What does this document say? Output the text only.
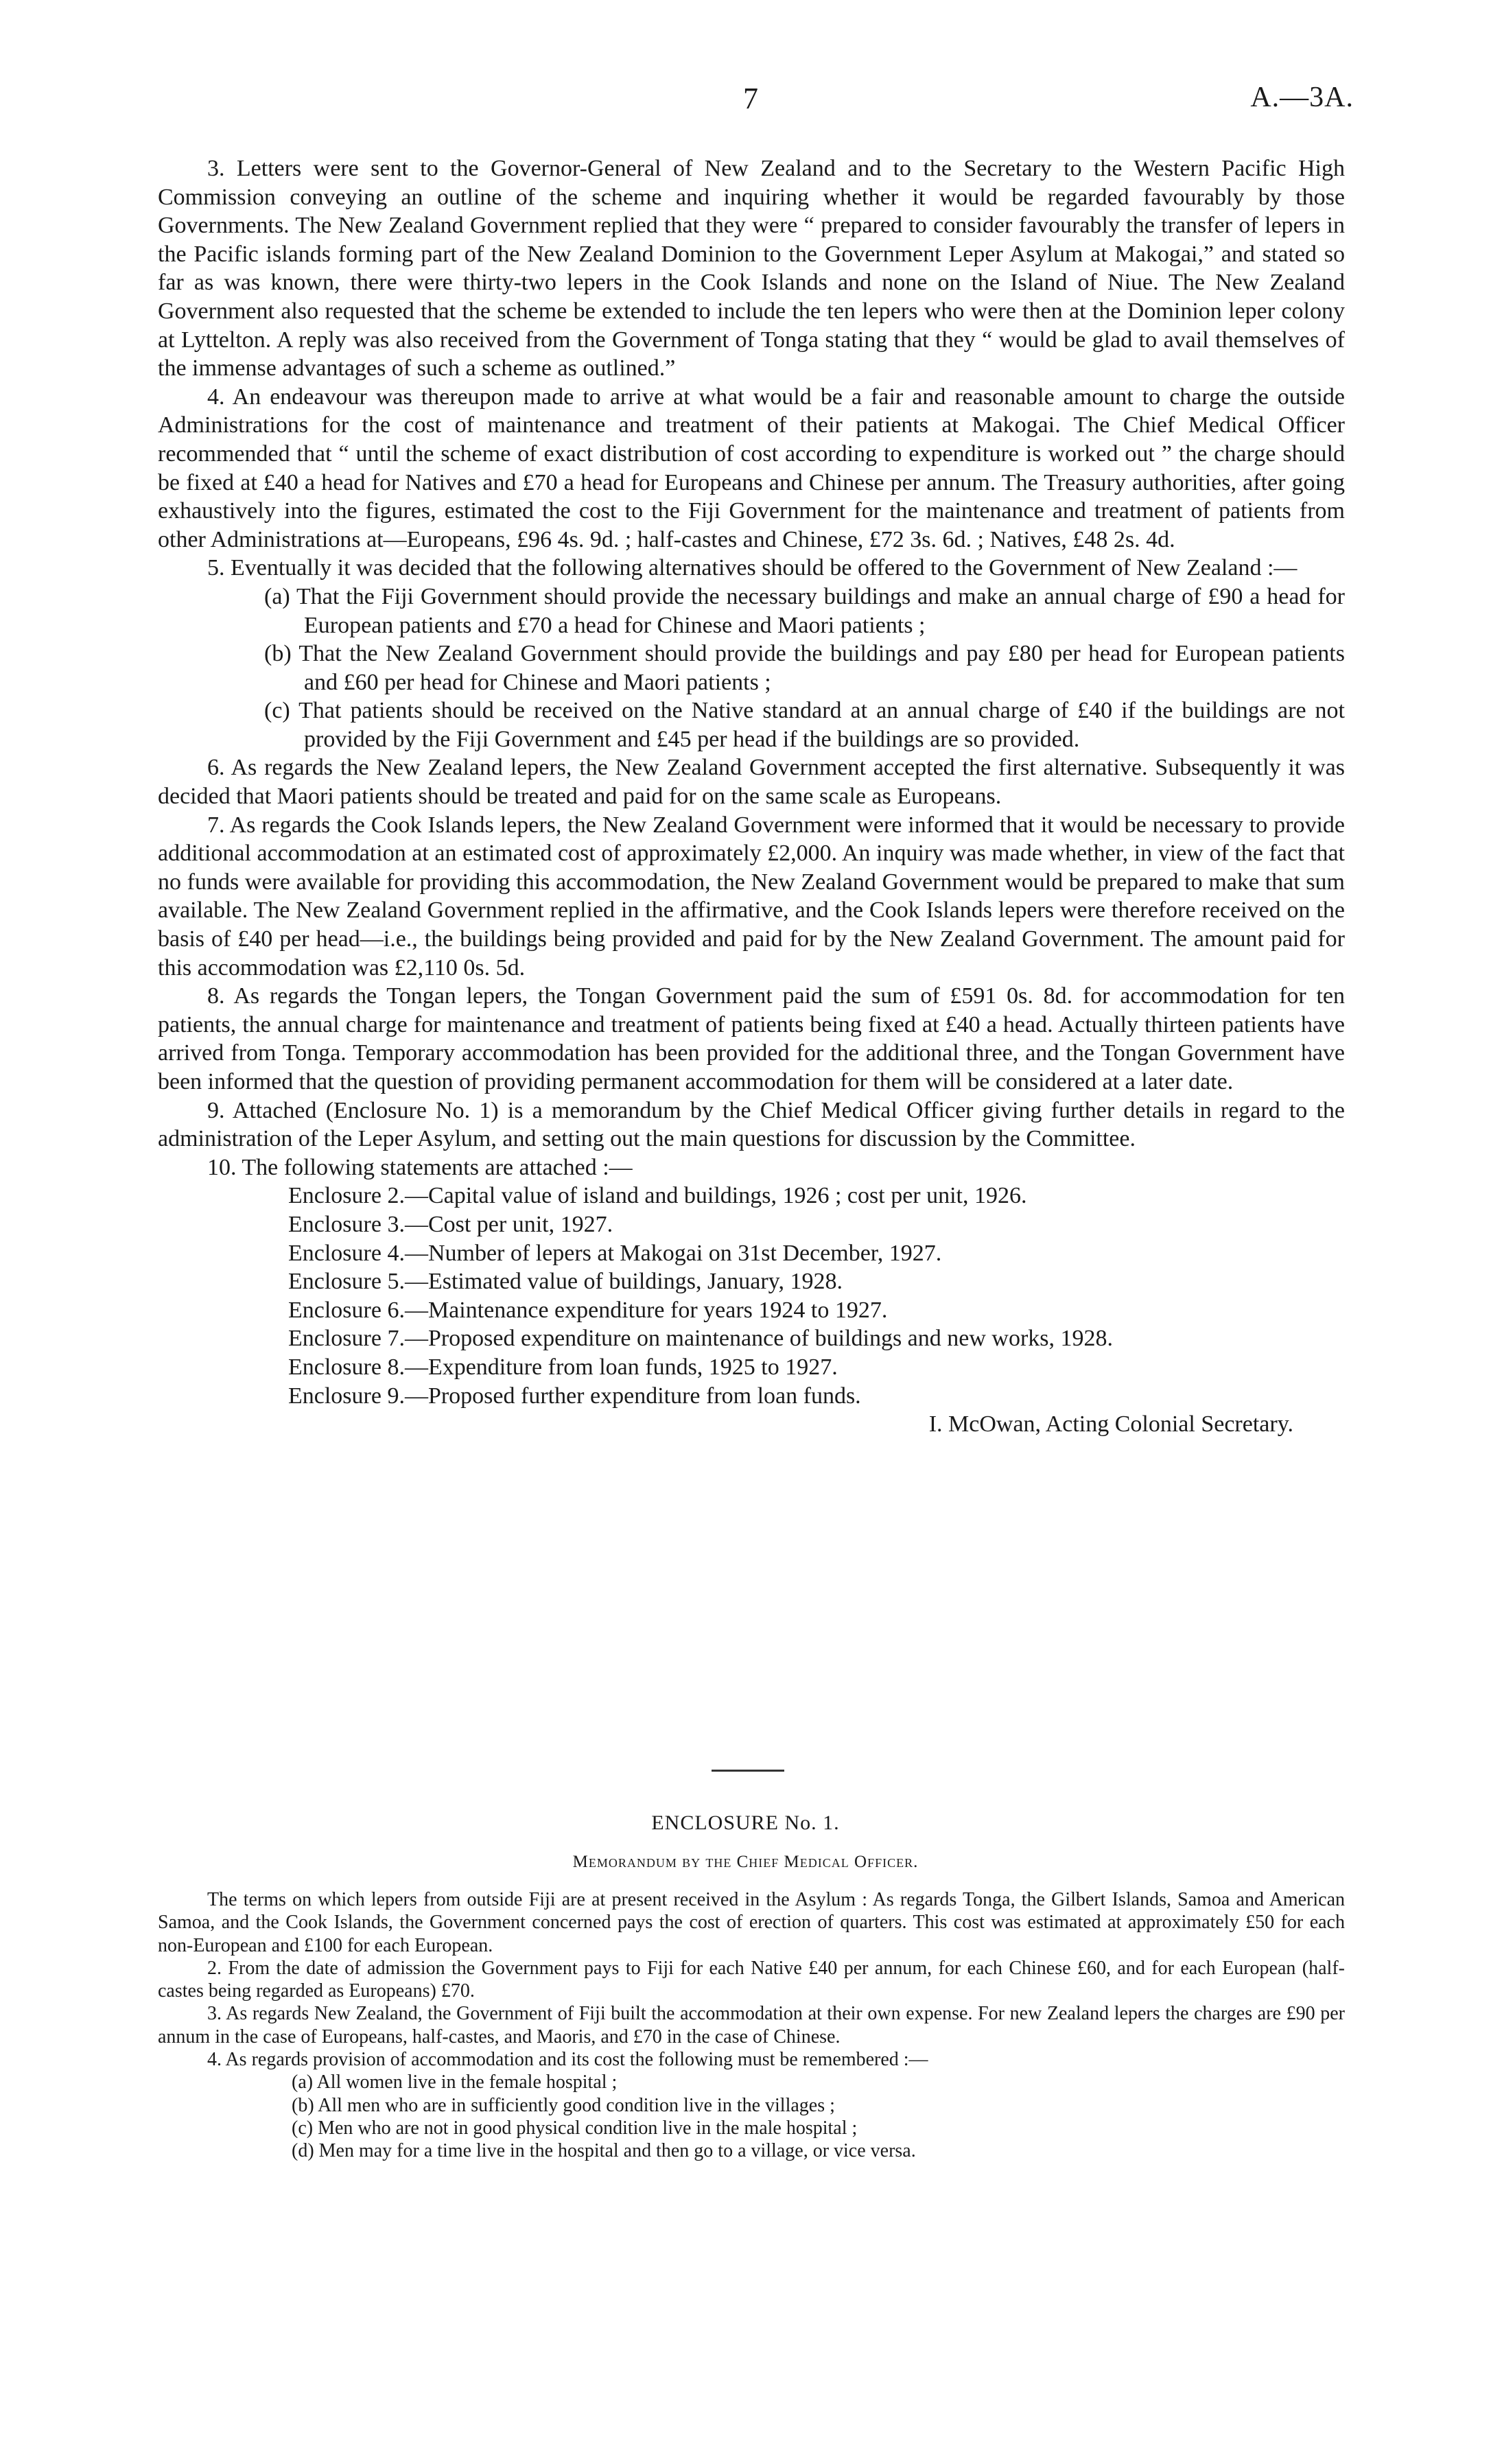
7	A.—3A.

3. Letters were sent to the Governor-General of New Zealand and to the Secretary to the Western Pacific High Commission conveying an outline of the scheme and inquiring whether it would be regarded favourably by those Governments. The New Zealand Government replied that they were “ prepared to consider favourably the transfer of lepers in the Pacific islands forming part of the New Zealand Dominion to the Government Leper Asylum at Makogai,” and stated so far as was known, there were thirty-two lepers in the Cook Islands and none on the Island of Niue. The New Zealand Government also requested that the scheme be extended to include the ten lepers who were then at the Dominion leper colony at Lyttelton. A reply was also received from the Government of Tonga stating that they “ would be glad to avail themselves of the immense advantages of such a scheme as outlined.”

4. An endeavour was thereupon made to arrive at what would be a fair and reasonable amount to charge the outside Administrations for the cost of maintenance and treatment of their patients at Makogai. The Chief Medical Officer recommended that “ until the scheme of exact distribution of cost according to expenditure is worked out ” the charge should be fixed at £40 a head for Natives and £70 a head for Europeans and Chinese per annum. The Treasury authorities, after going exhaustively into the figures, estimated the cost to the Fiji Government for the maintenance and treatment of patients from other Administrations at—Europeans, £96 4s. 9d. ; half-castes and Chinese, £72 3s. 6d. ; Natives, £48 2s. 4d.

5. Eventually it was decided that the following alternatives should be offered to the Government of New Zealand :—

(a) That the Fiji Government should provide the necessary buildings and make an annual charge of £90 a head for European patients and £70 a head for Chinese and Maori patients ;
(b) That the New Zealand Government should provide the buildings and pay £80 per head for European patients and £60 per head for Chinese and Maori patients ;
(c) That patients should be received on the Native standard at an annual charge of £40 if the buildings are not provided by the Fiji Government and £45 per head if the buildings are so provided.

6. As regards the New Zealand lepers, the New Zealand Government accepted the first alternative. Subsequently it was decided that Maori patients should be treated and paid for on the same scale as Europeans.

7. As regards the Cook Islands lepers, the New Zealand Government were informed that it would be necessary to provide additional accommodation at an estimated cost of approximately £2,000. An inquiry was made whether, in view of the fact that no funds were available for providing this accommodation, the New Zealand Government would be prepared to make that sum available. The New Zealand Government replied in the affirmative, and the Cook Islands lepers were therefore received on the basis of £40 per head—i.e., the buildings being provided and paid for by the New Zealand Government. The amount paid for this accommodation was £2,110 0s. 5d.

8. As regards the Tongan lepers, the Tongan Government paid the sum of £591 0s. 8d. for accommodation for ten patients, the annual charge for maintenance and treatment of patients being fixed at £40 a head. Actually thirteen patients have arrived from Tonga. Temporary accommodation has been provided for the additional three, and the Tongan Government have been informed that the question of providing permanent accommodation for them will be considered at a later date.

9. Attached (Enclosure No. 1) is a memorandum by the Chief Medical Officer giving further details in regard to the administration of the Leper Asylum, and setting out the main questions for discussion by the Committee.

10. The following statements are attached :—

Enclosure 2.—Capital value of island and buildings, 1926 ; cost per unit, 1926.
Enclosure 3.—Cost per unit, 1927.
Enclosure 4.—Number of lepers at Makogai on 31st December, 1927.
Enclosure 5.—Estimated value of buildings, January, 1928.
Enclosure 6.—Maintenance expenditure for years 1924 to 1927.
Enclosure 7.—Proposed expenditure on maintenance of buildings and new works, 1928.
Enclosure 8.—Expenditure from loan funds, 1925 to 1927.
Enclosure 9.—Proposed further expenditure from loan funds.
I. McOwan, Acting Colonial Secretary.
ENCLOSURE No. 1.
Memorandum by the Chief Medical Officer.

The terms on which lepers from outside Fiji are at present received in the Asylum : As regards Tonga, the Gilbert Islands, Samoa and American Samoa, and the Cook Islands, the Government concerned pays the cost of erection of quarters. This cost was estimated at approximately £50 for each non-European and £100 for each European.

2. From the date of admission the Government pays to Fiji for each Native £40 per annum, for each Chinese £60, and for each European (half-castes being regarded as Europeans) £70.

3. As regards New Zealand, the Government of Fiji built the accommodation at their own expense. For new Zealand lepers the charges are £90 per annum in the case of Europeans, half-castes, and Maoris, and £70 in the case of Chinese.

4. As regards provision of accommodation and its cost the following must be remembered :—

(a) All women live in the female hospital ;
(b) All men who are in sufficiently good condition live in the villages ;
(c) Men who are not in good physical condition live in the male hospital ;
(d) Men may for a time live in the hospital and then go to a village, or vice versa.
